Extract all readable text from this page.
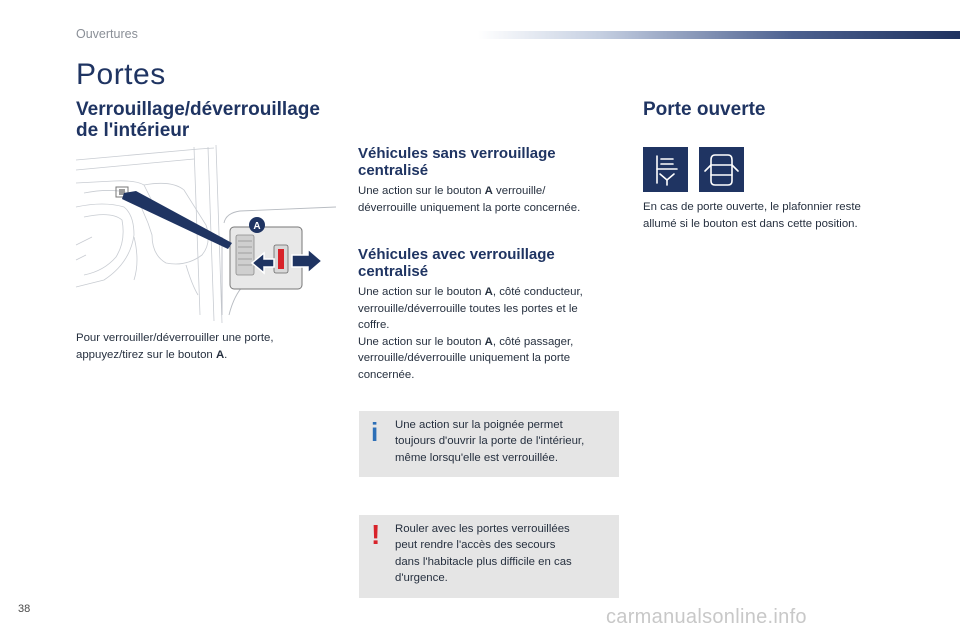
Ouvertures
Portes
Verrouillage/déverrouillage
de l'intérieur
A
Pour verrouiller/déverrouiller une porte,
appuyez/tirez sur le bouton A.
Véhicules sans verrouillage
centralisé
Une action sur le bouton A verrouille/
déverrouille uniquement la porte concernée.
Véhicules avec verrouillage
centralisé
Une action sur le bouton A, côté conducteur,
verrouille/déverrouille toutes les portes et le
coffre.
Une action sur le bouton A, côté passager,
verrouille/déverrouille uniquement la porte
concernée.
i Une action sur la poignée permet
toujours d'ouvrir la porte de l'intérieur,
même lorsqu'elle est verrouillée.
! Rouler avec les portes verrouillées
peut rendre l'accès des secours
dans l'habitacle plus difficile en cas
d'urgence.
Porte ouverte
En cas de porte ouverte, le plafonnier reste
allumé si le bouton est dans cette position.
38	carmanualsonline.info
